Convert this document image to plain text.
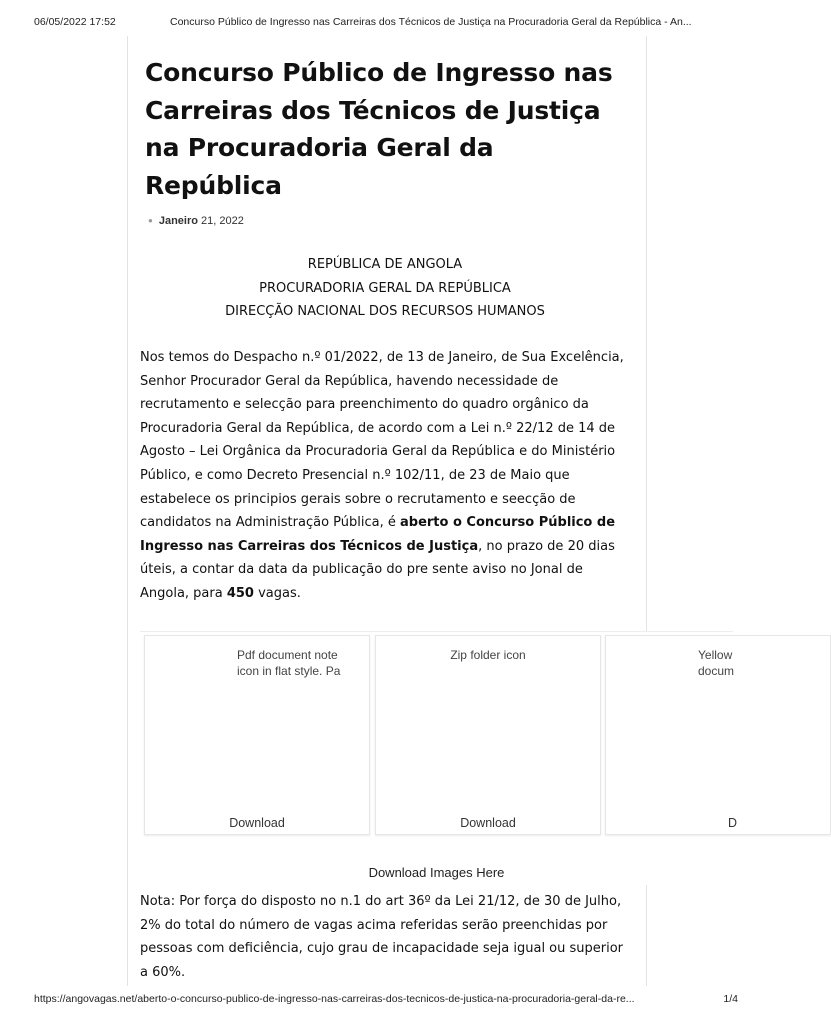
06/05/2022 17:52	Concurso Público de Ingresso nas Carreiras dos Técnicos de Justiça na Procuradoria Geral da República - An...
Concurso Público de Ingresso nas Carreiras dos Técnicos de Justiça na Procuradoria Geral da República
● Janeiro 21, 2022
REPÚBLICA DE ANGOLA
PROCURADORIA GERAL DA REPÚBLICA
DIRECÇÃO NACIONAL DOS RECURSOS HUMANOS

Nos temos do Despacho n.º 01/2022, de 13 de Janeiro, de Sua Excelência, Senhor Procurador Geral da República, havendo necessidade de recrutamento e selecção para preenchimento do quadro orgânico da Procuradoria Geral da República, de acordo com a Lei n.º 22/12 de 14 de Agosto – Lei Orgânica da Procuradoria Geral da República e do Ministério Público, e como Decreto Presencial n.º 102/11, de 23 de Maio que estabelece os principios gerais sobre o recrutamento e seecção de candidatos na Administração Pública, é aberto o Concurso Público de Ingresso nas Carreiras dos Técnicos de Justiça, no prazo de 20 dias úteis, a contar da data da publicação do pre sente aviso no Jonal de Angola, para 450 vagas.

Pdf document note icon in flat style. Pa
Download
Zip folder icon
Download
Yellow docum
D
Download Images Here

Nota: Por força do disposto no n.1 do art 36º da Lei 21/12, de 30 de Julho, 2% do total do número de vagas acima referidas serão preenchidas por pessoas com deficiência, cujo grau de incapacidade seja igual ou superior a 60%.

https://angovagas.net/aberto-o-concurso-publico-de-ingresso-nas-carreiras-dos-tecnicos-de-justica-na-procuradoria-geral-da-re...	1/4
